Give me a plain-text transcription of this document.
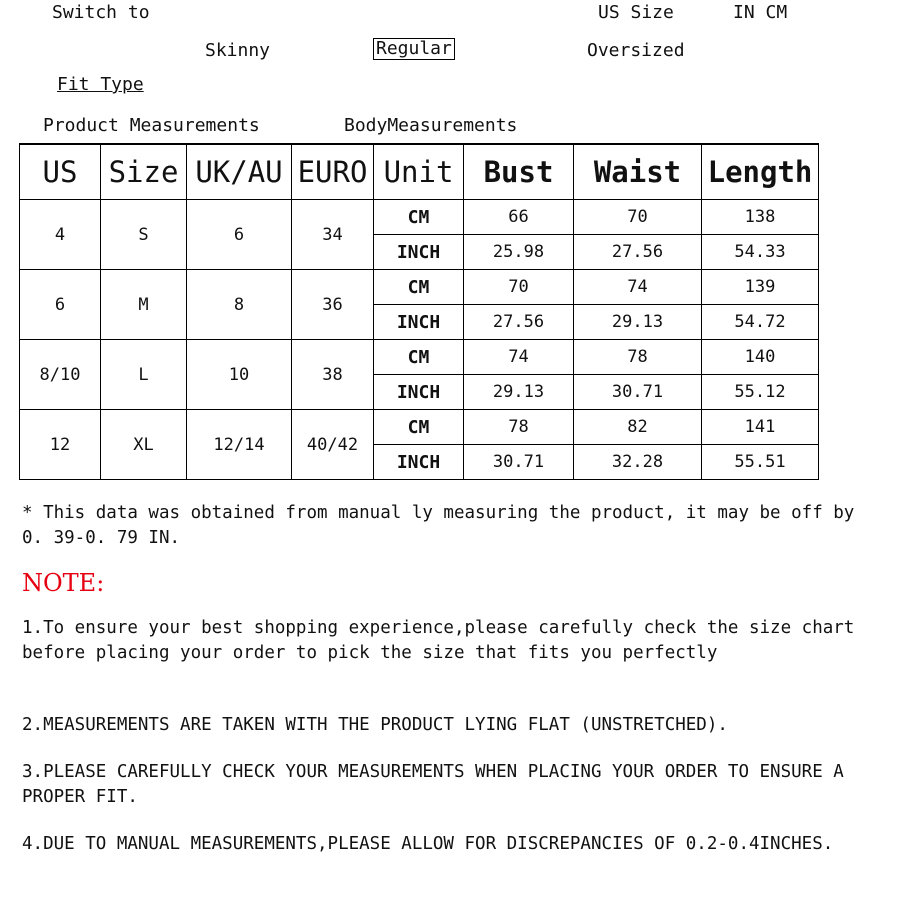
Switch to	US Size	IN CM
Skinny	Regular	Oversized
Fit Type
Product Measurements	BodyMeasurements
US	Size	UK/AU	EURO	Unit	Bust	Waist	Length
4	S	6	34	CM	66	70	138
				INCH	25.98	27.56	54.33
6	M	8	36	CM	70	74	139
				INCH	27.56	29.13	54.72
8/10	L	10	38	CM	74	78	140
				INCH	29.13	30.71	55.12
12	XL	12/14	40/42	CM	78	82	141
				INCH	30.71	32.28	55.51
* This data was obtained from manual ly measuring the product, it may be off by 0. 39-0. 79 IN.
NOTE:
1.To ensure your best shopping experience,please carefully check the size chart before placing your order to pick the size that fits you perfectly
2.MEASUREMENTS ARE TAKEN WITH THE PRODUCT LYING FLAT (UNSTRETCHED).
3.PLEASE CAREFULLY CHECK YOUR MEASUREMENTS WHEN PLACING YOUR ORDER TO ENSURE A PROPER FIT.
4.DUE TO MANUAL MEASUREMENTS,PLEASE ALLOW FOR DISCREPANCIES OF 0.2-0.4INCHES.
